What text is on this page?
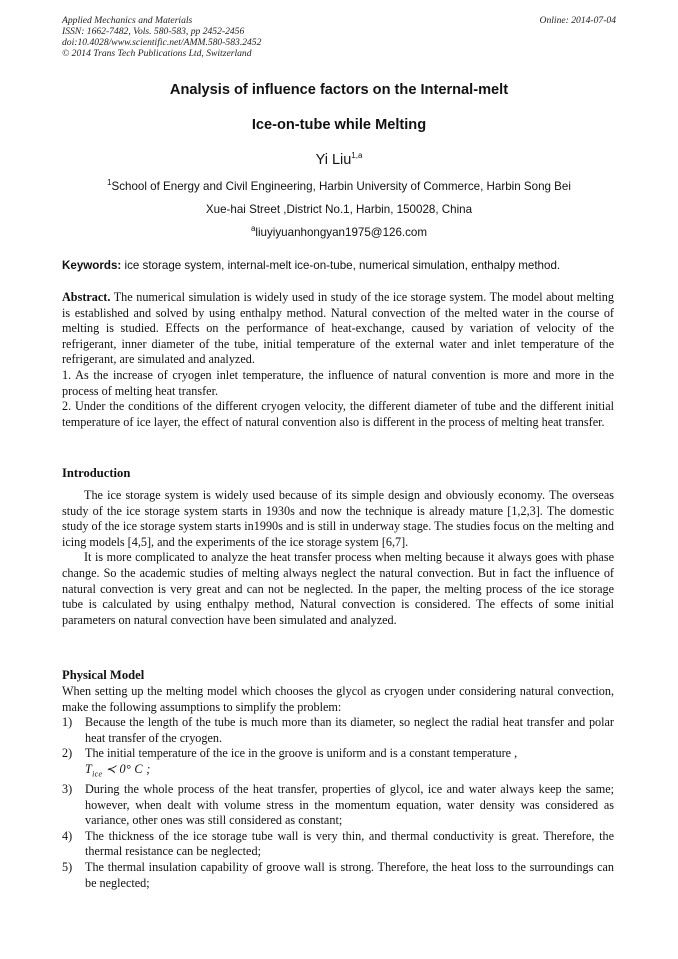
Applied Mechanics and Materials
ISSN: 1662-7482, Vols. 580-583, pp 2452-2456
doi:10.4028/www.scientific.net/AMM.580-583.2452
© 2014 Trans Tech Publications Ltd, Switzerland
Online: 2014-07-04
Analysis of influence factors on the Internal-melt
Ice-on-tube while Melting
Yi Liu$^{1,a}$
$^1$School of Energy and Civil Engineering, Harbin University of Commerce, Harbin Song Bei
Xue-hai Street ,District No.1, Harbin, 150028, China
$^a$liuyiyuanhongyan1975@126.com
Keywords: ice storage system, internal-melt ice-on-tube, numerical simulation, enthalpy method.

Abstract. The numerical simulation is widely used in study of the ice storage system. The model about melting is established and solved by using enthalpy method. Natural convection of the melted water in the course of melting is studied. Effects on the performance of heat-exchange, caused by variation of velocity of the refrigerant, inner diameter of the tube, initial temperature of the external water and inlet temperature of the refrigerant, are simulated and analyzed.

1. As the increase of cryogen inlet temperature, the influence of natural convention is more and more in the process of melting heat transfer.

2. Under the conditions of the different cryogen velocity, the different diameter of tube and the different initial temperature of ice layer, the effect of natural convention also is different in the process of melting heat transfer.

Introduction

The ice storage system is widely used because of its simple design and obviously economy. The overseas study of the ice storage system starts in 1930s and now the technique is already mature [1,2,3]. The domestic study of the ice storage system starts in1990s and is still in underway stage. The studies focus on the melting and icing models [4,5], and the experiments of the ice storage system [6,7].

It is more complicated to analyze the heat transfer process when melting because it always goes with phase change. So the academic studies of melting always neglect the natural convection. But in fact the influence of natural convection is very great and can not be neglected. In the paper, the melting process of the ice storage tube is calculated by using enthalpy method, Natural convection is considered. The effects of some initial parameters on natural convection have been simulated and analyzed.

Physical Model

When setting up the melting model which chooses the glycol as cryogen under considering natural convection, make the following assumptions to simplify the problem:

1) Because the length of the tube is much more than its diameter, so neglect the radial heat transfer and polar heat transfer of the cryogen.
2) The initial temperature of the ice in the groove is uniform and is a constant temperature ,
$T_{ice}$ ≺ 0° C ;
3) During the whole process of the heat transfer, properties of glycol, ice and water always keep the same; however, when dealt with volume stress in the momentum equation, water density was considered as variance, other ones was still considered as constant;
4) The thickness of the ice storage tube wall is very thin, and thermal conductivity is great. Therefore, the thermal resistance can be neglected;
5) The thermal insulation capability of groove wall is strong. Therefore, the heat loss to the surroundings can be neglected;
